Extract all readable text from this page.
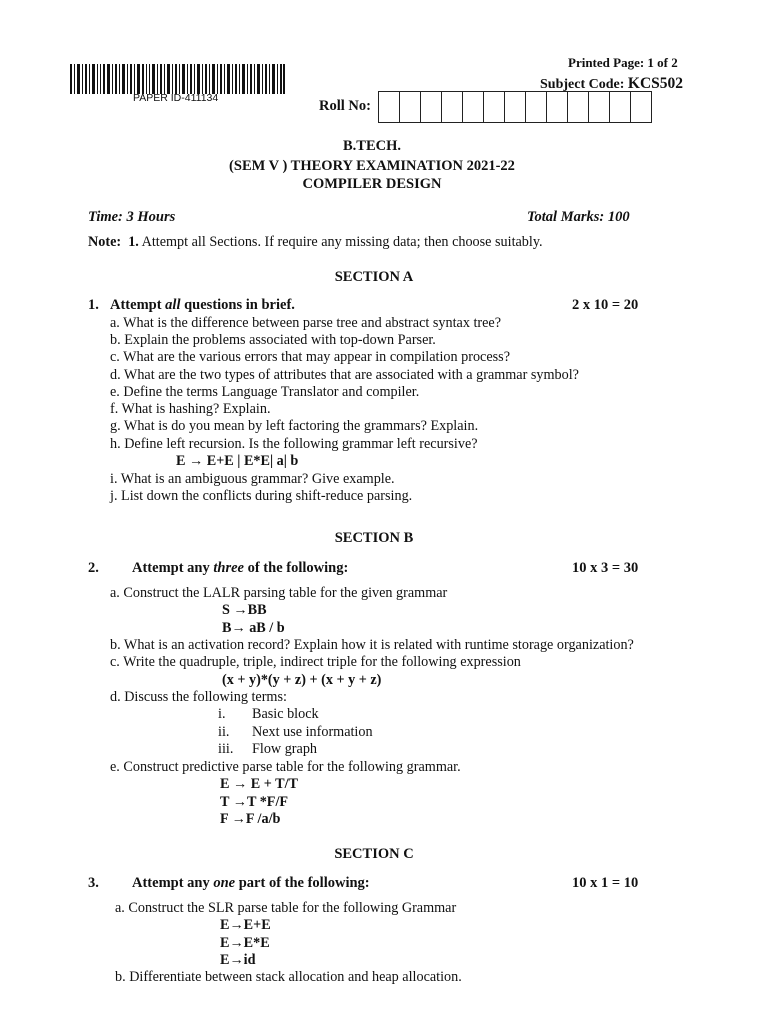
Printed Page: 1 of 2
Subject Code: KCS502
PAPER ID-411134	Roll No:
B.TECH.
(SEM V ) THEORY EXAMINATION 2021-22
COMPILER DESIGN
Time: 3 Hours	Total Marks: 100
Note: 1. Attempt all Sections. If require any missing data; then choose suitably.
SECTION A
1. Attempt all questions in brief.	2 x 10 = 20
a. What is the difference between parse tree and abstract syntax tree?
b. Explain the problems associated with top-down Parser.
c. What are the various errors that may appear in compilation process?
d. What are the two types of attributes that are associated with a grammar symbol?
e. Define the terms Language Translator and compiler.
f. What is hashing? Explain.
g. What is do you mean by left factoring the grammars? Explain.
h. Define left recursion. Is the following grammar left recursive?
E → E+E | E*E| a| b
i. What is an ambiguous grammar? Give example.
j. List down the conflicts during shift-reduce parsing.
SECTION B
2. Attempt any three of the following:	10 x 3 = 30
a. Construct the LALR parsing table for the given grammar
S →BB
B→ aB / b
b. What is an activation record? Explain how it is related with runtime storage organization?
c. Write the quadruple, triple, indirect triple for the following expression
(x + y)*(y + z) + (x + y + z)
d. Discuss the following terms:
i. Basic block
ii. Next use information
iii. Flow graph
e. Construct predictive parse table for the following grammar.
E → E + T/T
T →T *F/F
F →F /a/b
SECTION C
3. Attempt any one part of the following:	10 x 1 = 10
a. Construct the SLR parse table for the following Grammar
E→E+E
E→E*E
E→id
b. Differentiate between stack allocation and heap allocation.
